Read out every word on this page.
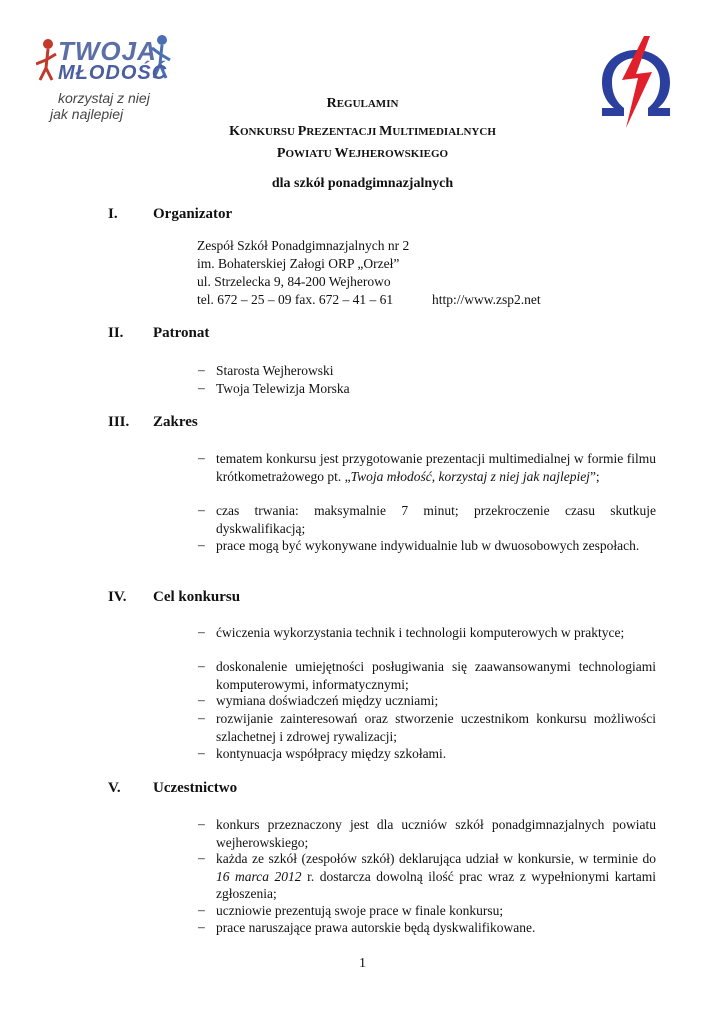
TWOJA
MŁODOŚĆ
korzystaj z niej
jak najlepiej
REGULAMIN
KONKURSU PREZENTACJI MULTIMEDIALNYCH
POWIATU WEJHEROWSKIEGO
dla szkół ponadgimnazjalnych
I. Organizator
Zespół Szkół Ponadgimnazjalnych nr 2
im. Bohaterskiej Załogi ORP „Orzeł”
ul. Strzelecka 9, 84-200 Wejherowo
tel. 672 – 25 – 09 fax. 672 – 41 – 61	http://www.zsp2.net
II. Patronat
– Starosta Wejherowski
– Twoja Telewizja Morska
III. Zakres
– tematem konkursu jest przygotowanie prezentacji multimedialnej w formie filmu krótkometrażowego pt. „Twoja młodość, korzystaj z niej jak najlepiej”;
– czas trwania: maksymalnie 7 minut; przekroczenie czasu skutkuje dyskwalifikacją;
– prace mogą być wykonywane indywidualnie lub w dwuosobowych zespołach.
IV. Cel konkursu
– ćwiczenia wykorzystania technik i technologii komputerowych w praktyce;
– doskonalenie umiejętności posługiwania się zaawansowanymi technologiami komputerowymi, informatycznymi;
– wymiana doświadczeń między uczniami;
– rozwijanie zainteresowań oraz stworzenie uczestnikom konkursu możliwości szlachetnej i zdrowej rywalizacji;
– kontynuacja współpracy między szkołami.
V. Uczestnictwo
– konkurs przeznaczony jest dla uczniów szkół ponadgimnazjalnych powiatu wejherowskiego;
– każda ze szkół (zespołów szkół) deklarująca udział w konkursie, w terminie do 16 marca 2012 r. dostarcza dowolną ilość prac wraz z wypełnionymi kartami zgłoszenia;
– uczniowie prezentują swoje prace w finale konkursu;
– prace naruszające prawa autorskie będą dyskwalifikowane.
1
